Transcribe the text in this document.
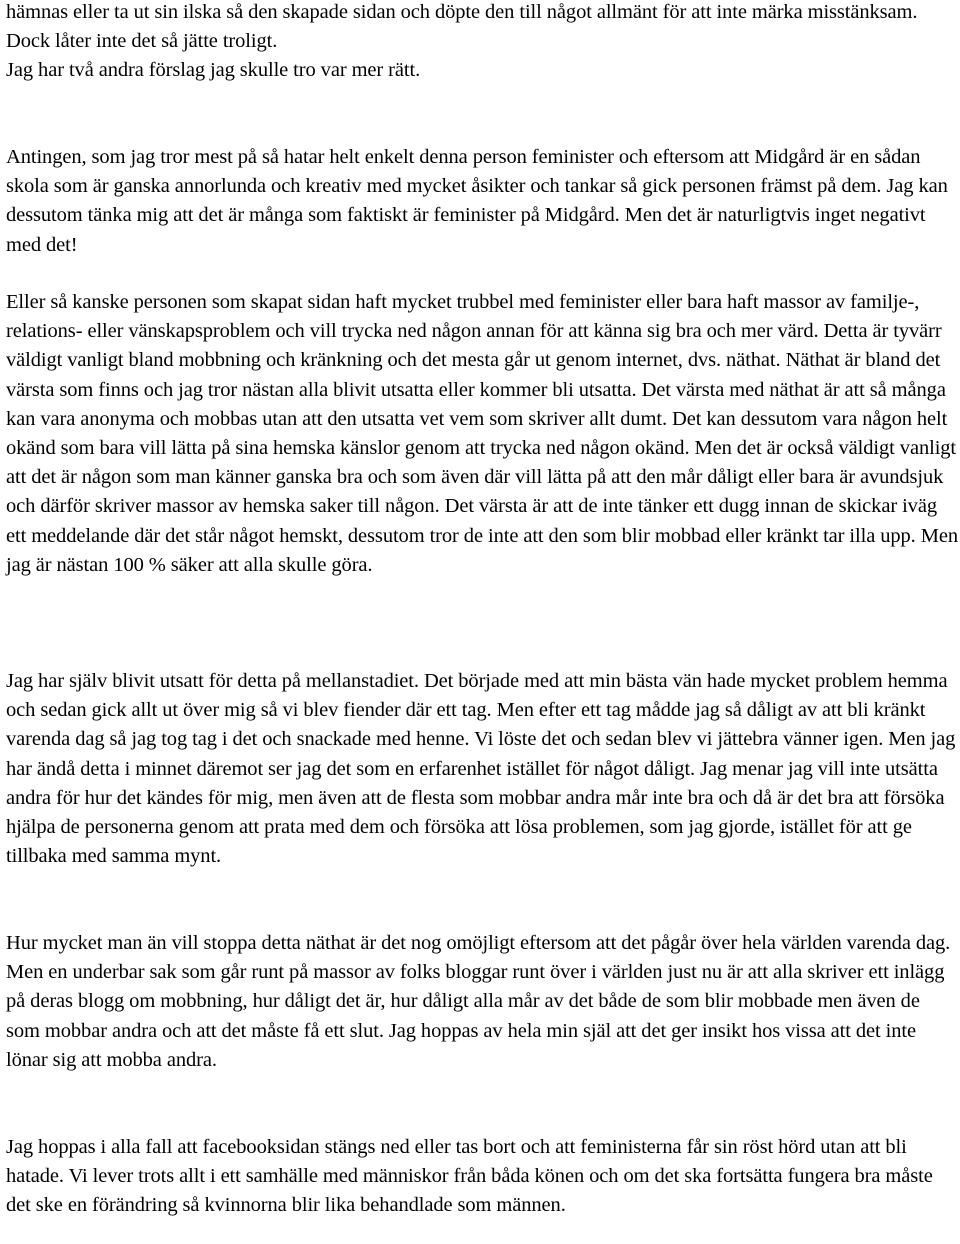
hämnas eller ta ut sin ilska så den skapade sidan och döpte den till något allmänt för att inte märka misstänksam. Dock låter inte det så jätte troligt.

Jag har två andra förslag jag skulle tro var mer rätt.

Antingen, som jag tror mest på så hatar helt enkelt denna person feminister och eftersom att Midgård är en sådan skola som är ganska annorlunda och kreativ med mycket åsikter och tankar så gick personen främst på dem. Jag kan dessutom tänka mig att det är många som faktiskt är feminister på Midgård. Men det är naturligtvis inget negativt med det!

Eller så kanske personen som skapat sidan haft mycket trubbel med feminister eller bara haft massor av familje-, relations- eller vänskapsproblem och vill trycka ned någon annan för att känna sig bra och mer värd. Detta är tyvärr väldigt vanligt bland mobbning och kränkning och det mesta går ut genom internet, dvs. näthat. Näthat är bland det värsta som finns och jag tror nästan alla blivit utsatta eller kommer bli utsatta. Det värsta med näthat är att så många kan vara anonyma och mobbas utan att den utsatta vet vem som skriver allt dumt. Det kan dessutom vara någon helt okänd som bara vill lätta på sina hemska känslor genom att trycka ned någon okänd. Men det är också väldigt vanligt att det är någon som man känner ganska bra och som även där vill lätta på att den mår dåligt eller bara är avundsjuk och därför skriver massor av hemska saker till någon. Det värsta är att de inte tänker ett dugg innan de skickar iväg ett meddelande där det står något hemskt, dessutom tror de inte att den som blir mobbad eller kränkt tar illa upp. Men jag är nästan 100 % säker att alla skulle göra.

Jag har själv blivit utsatt för detta på mellanstadiet. Det började med att min bästa vän hade mycket problem hemma och sedan gick allt ut över mig så vi blev fiender där ett tag. Men efter ett tag mådde jag så dåligt av att bli kränkt varenda dag så jag tog tag i det och snackade med henne. Vi löste det och sedan blev vi jättebra vänner igen. Men jag har ändå detta i minnet däremot ser jag det som en erfarenhet istället för något dåligt. Jag menar jag vill inte utsätta andra för hur det kändes för mig, men även att de flesta som mobbar andra mår inte bra och då är det bra att försöka hjälpa de personerna genom att prata med dem och försöka att lösa problemen, som jag gjorde, istället för att ge tillbaka med samma mynt.

Hur mycket man än vill stoppa detta näthat är det nog omöjligt eftersom att det pågår över hela världen varenda dag. Men en underbar sak som går runt på massor av folks bloggar runt över i världen just nu är att alla skriver ett inlägg på deras blogg om mobbning, hur dåligt det är, hur dåligt alla mår av det både de som blir mobbade men även de som mobbar andra och att det måste få ett slut. Jag hoppas av hela min själ att det ger insikt hos vissa att det inte lönar sig att mobba andra.

Jag hoppas i alla fall att facebooksidan stängs ned eller tas bort och att feministerna får sin röst hörd utan att bli hatade. Vi lever trots allt i ett samhälle med människor från båda könen och om det ska fortsätta fungera bra måste det ske en förändring så kvinnorna blir lika behandlade som männen.
